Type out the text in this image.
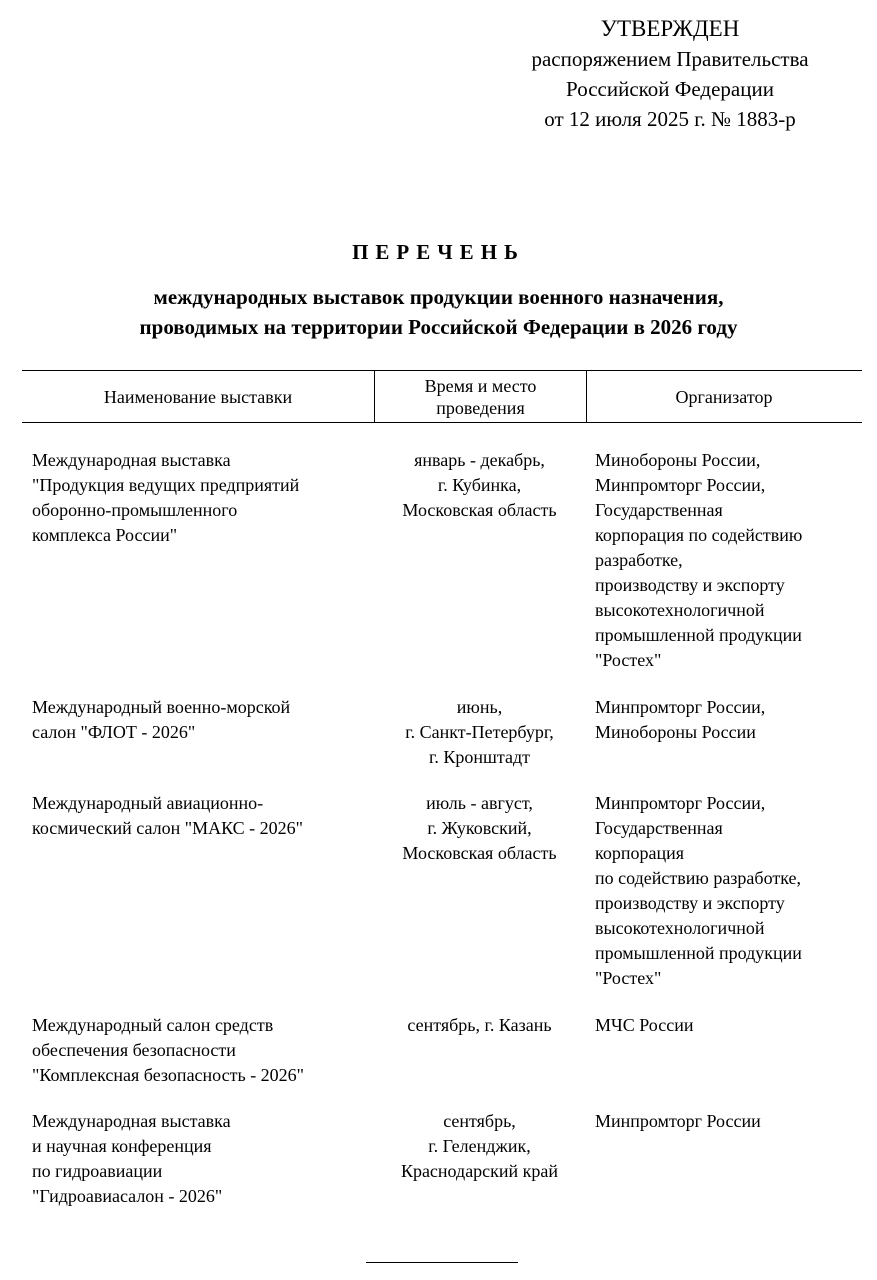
УТВЕРЖДЕН
распоряжением Правительства
Российской Федерации
от 12 июля 2025 г. № 1883-р
ПЕРЕЧЕНЬ
международных выставок продукции военного назначения,
проводимых на территории Российской Федерации в 2026 году
Наименование выставки
Время и место
проведения
Организатор
Международная выставка
"Продукция ведущих предприятий
оборонно-промышленного
комплекса России"
январь - декабрь,
г. Кубинка,
Московская область
Минобороны России,
Минпромторг России,
Государственная
корпорация по содействию
разработке,
производству и экспорту
высокотехнологичной
промышленной продукции
"Ростех"
Международный военно-морской
салон "ФЛОТ - 2026"
июнь,
г. Санкт-Петербург,
г. Кронштадт
Минпромторг России,
Минобороны России
Международный авиационно-
космический салон "МАКС - 2026"
июль - август,
г. Жуковский,
Московская область
Минпромторг России,
Государственная
корпорация
по содействию разработке,
производству и экспорту
высокотехнологичной
промышленной продукции
"Ростех"
Международный салон средств
обеспечения безопасности
"Комплексная безопасность - 2026"
сентябрь, г. Казань	МЧС России
Международная выставка
и научная конференция
по гидроавиации
"Гидроавиасалон - 2026"
сентябрь,
г. Геленджик,
Краснодарский край
Минпромторг России
